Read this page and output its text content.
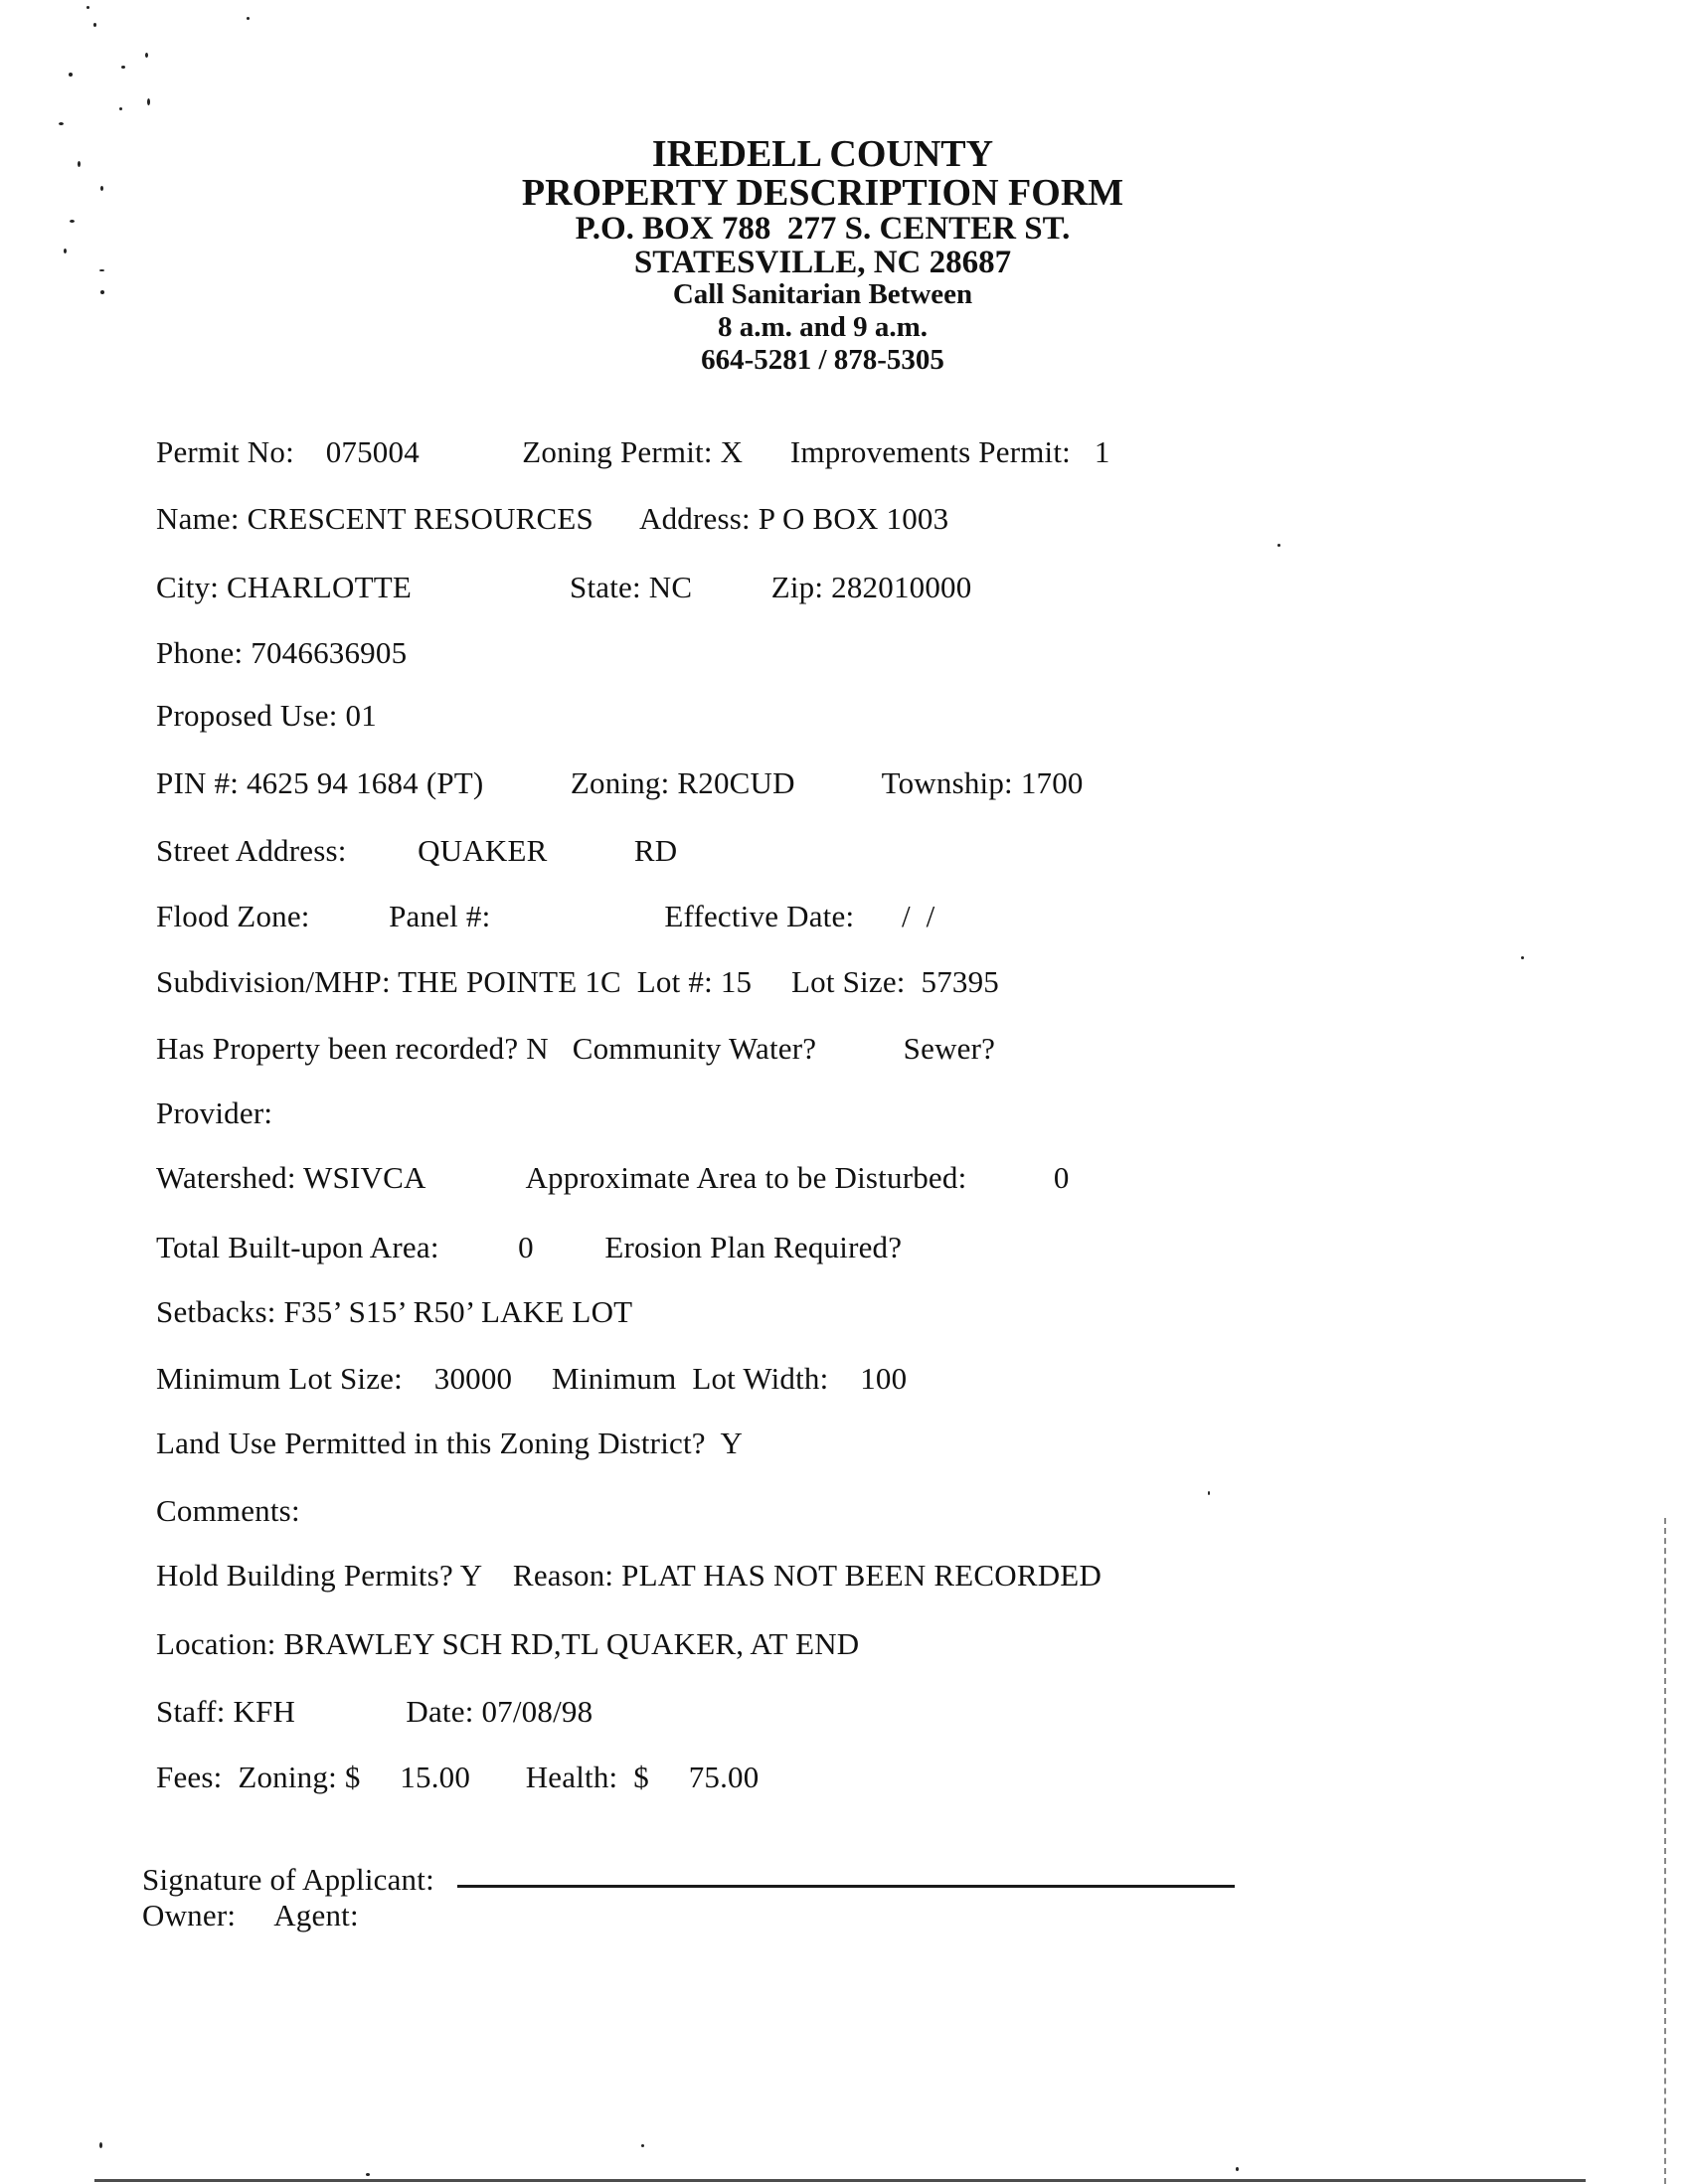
IREDELL COUNTY
PROPERTY DESCRIPTION FORM
P.O. BOX 788  277 S. CENTER ST.
STATESVILLE, NC 28687
Call Sanitarian Between
8 a.m. and 9 a.m.
664-5281 / 878-5305
Permit No:    075004             Zoning Permit: X      Improvements Permit:   1
Name: CRESCENT RESOURCES      Address: P O BOX 1003
City: CHARLOTTE                    State: NC          Zip: 282010000
Phone: 7046636905
Proposed Use: 01
PIN #: 4625 94 1684 (PT)           Zoning: R20CUD           Township: 1700
Street Address:         QUAKER           RD
Flood Zone:          Panel #:                      Effective Date:      /  /
Subdivision/MHP: THE POINTE 1C  Lot #: 15     Lot Size:  57395
Has Property been recorded? N   Community Water?           Sewer?
Provider:
Watershed: WSIVCA             Approximate Area to be Disturbed:           0
Total Built-upon Area:          0         Erosion Plan Required?
Setbacks: F35’ S15’ R50’ LAKE LOT
Minimum Lot Size:    30000     Minimum  Lot Width:    100
Land Use Permitted in this Zoning District?  Y
Comments:
Hold Building Permits? Y    Reason: PLAT HAS NOT BEEN RECORDED
Location: BRAWLEY SCH RD,TL QUAKER, AT END
Staff: KFH              Date: 07/08/98
Fees:  Zoning: $     15.00       Health:  $     75.00
Signature of Applicant:
Owner:     Agent:
